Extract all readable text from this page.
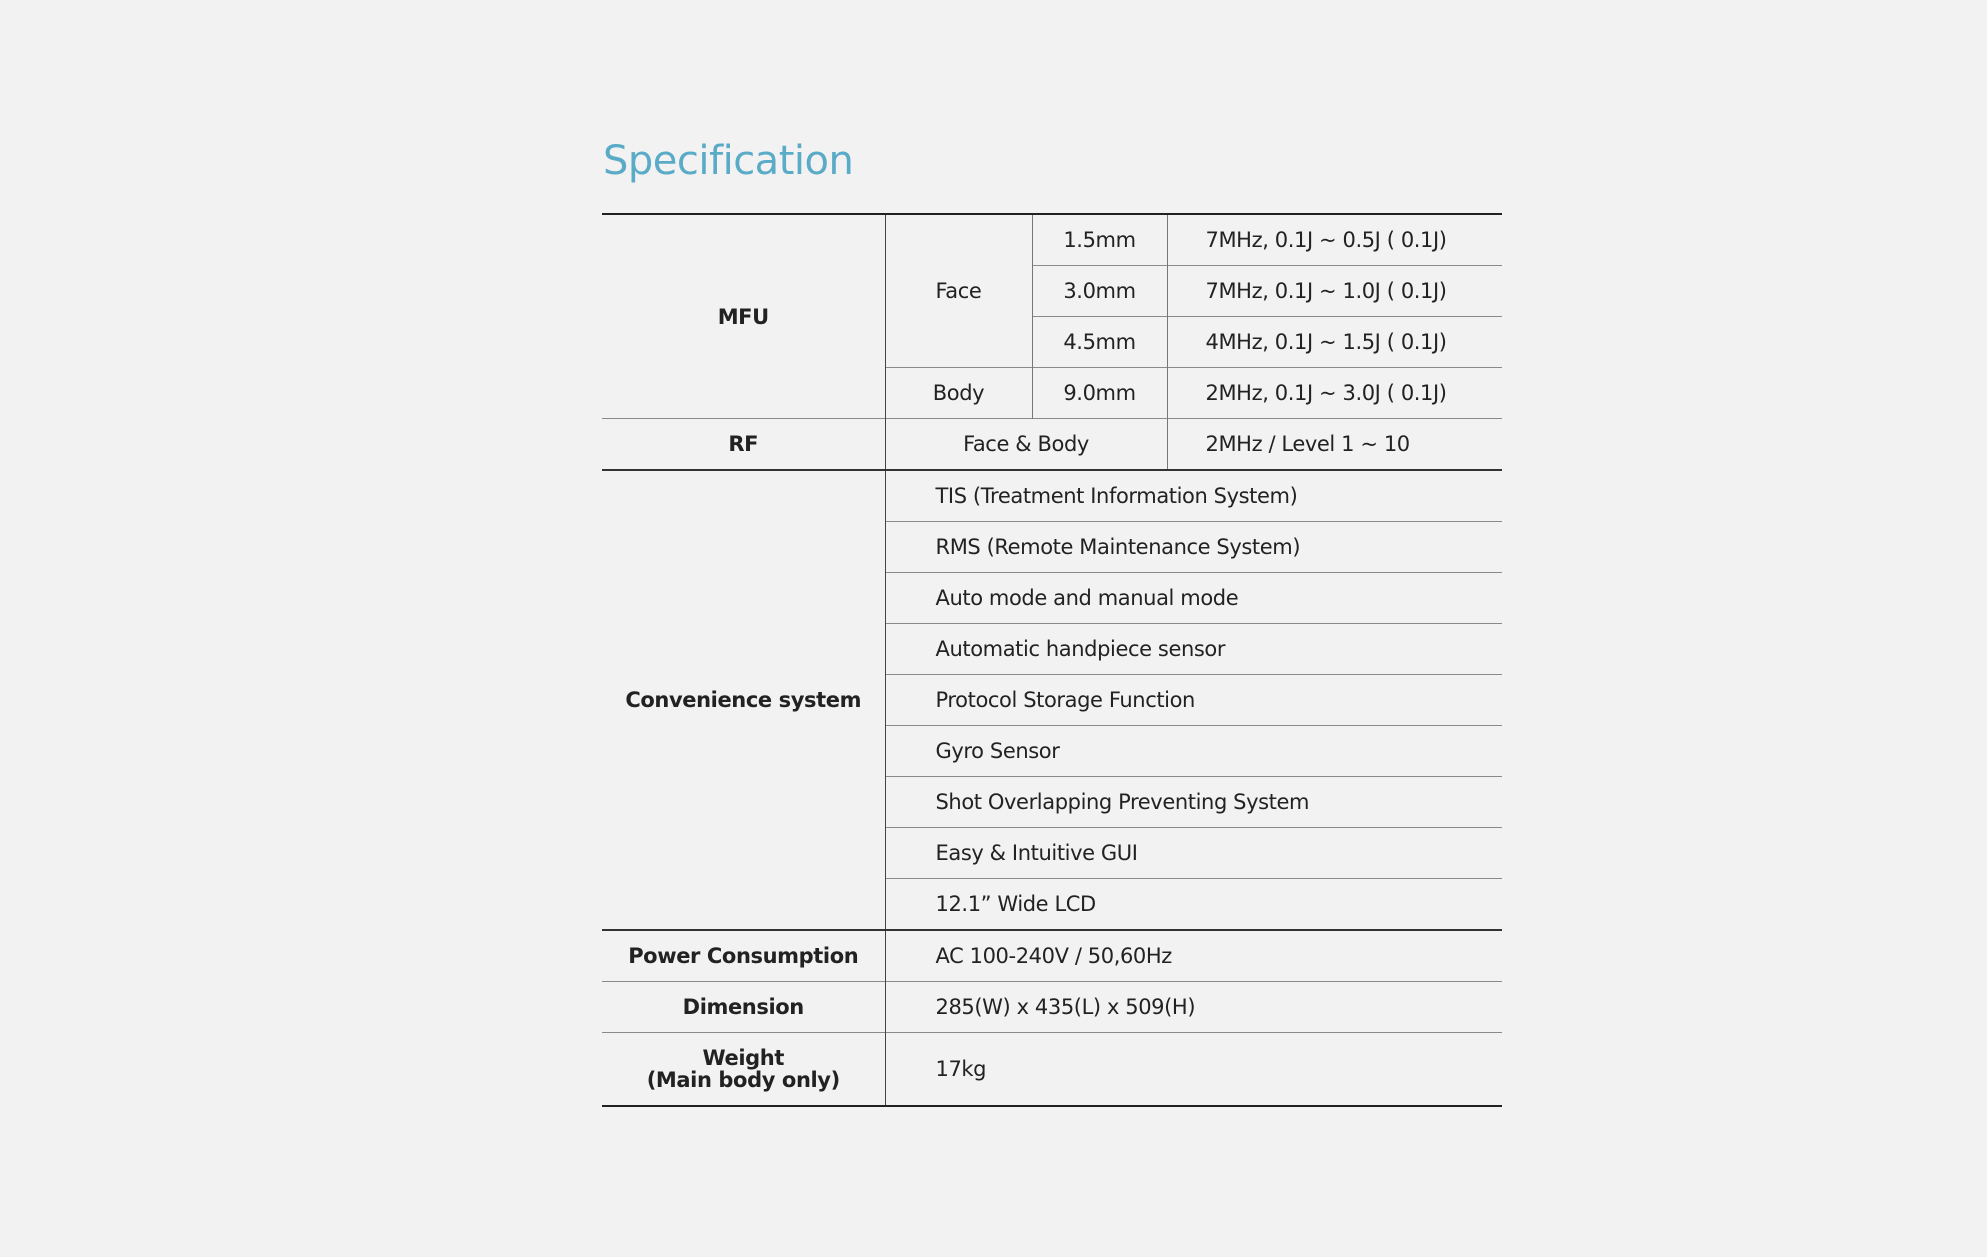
Specification
MFU	Face	1.5mm	7MHz, 0.1J ~ 0.5J ( 0.1J)
		3.0mm	7MHz, 0.1J ~ 1.0J ( 0.1J)
		4.5mm	4MHz, 0.1J ~ 1.5J ( 0.1J)
	Body	9.0mm	2MHz, 0.1J ~ 3.0J ( 0.1J)
RF	Face & Body		2MHz / Level 1 ~ 10
Convenience system	TIS (Treatment Information System)		
	RMS (Remote Maintenance System)		
	Auto mode and manual mode		
	Automatic handpiece sensor		
	Protocol Storage Function		
	Gyro Sensor		
	Shot Overlapping Preventing System		
	Easy & Intuitive GUI		
	12.1” Wide LCD		
Power Consumption	AC 100-240V / 50,60Hz		
Dimension	285(W) x 435(L) x 509(H)		

Weight
(Main body only)	17kg		
